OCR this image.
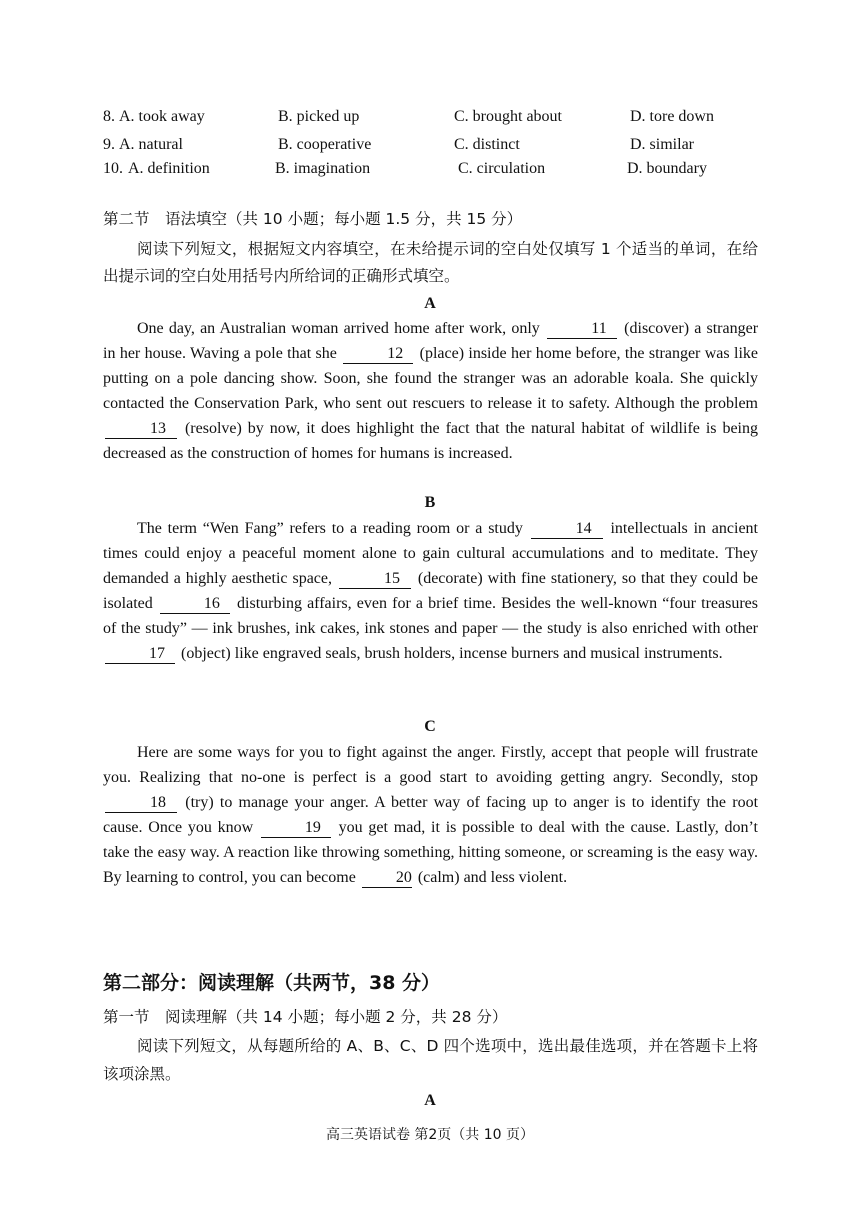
8. A. took away	B. picked up	C. brought about	D. tore down
9. A. natural	B. cooperative	C. distinct	D. similar
10. A. definition	B. imagination	C. circulation	D. boundary
第二节　语法填空（共 10 小题；每小题 1.5 分，共 15 分）
阅读下列短文，根据短文内容填空，在未给提示词的空白处仅填写 1 个适当的单词，在给出提示词的空白处用括号内所给词的正确形式填空。
A
One day, an Australian woman arrived home after work, only	11 (discover) a stranger in her house. Waving a pole that she	12 (place) inside her home before, the stranger was like putting on a pole dancing show. Soon, she found the stranger was an adorable koala. She quickly contacted the Conservation Park, who sent out rescuers to release it to safety. Although the problem 13 (resolve) by now, it does highlight the fact that the natural habitat of wildlife is being decreased as the construction of homes for humans is increased.
B
The term “Wen Fang” refers to a reading room or a study	14 intellectuals in ancient times could enjoy a peaceful moment alone to gain cultural accumulations and to meditate. They demanded a highly aesthetic space,	15 (decorate) with fine stationery, so that they could be isolated	16 disturbing affairs, even for a brief time. Besides the well-known “four treasures of the study” — ink brushes, ink cakes, ink stones and paper — the study is also enriched with other 17 (object) like engraved seals, brush holders, incense burners and musical instruments.
C
Here are some ways for you to fight against the anger. Firstly, accept that people will frustrate you. Realizing that no-one is perfect is a good start to avoiding getting angry. Secondly, stop 18 (try) to manage your anger. A better way of facing up to anger is to identify the root cause. Once you know	19 you get mad, it is possible to deal with the cause. Lastly, don’t take the easy way. A reaction like throwing something, hitting someone, or screaming is the easy way. By learning to control, you can become	20 (calm) and less violent.
第二部分：阅读理解（共两节，38 分）
第一节　阅读理解（共 14 小题；每小题 2 分，共 28 分）
阅读下列短文，从每题所给的 A、B、C、D 四个选项中，选出最佳选项，并在答题卡上将该项涂黑。
A
高三英语试卷 第2页（共 10 页）
